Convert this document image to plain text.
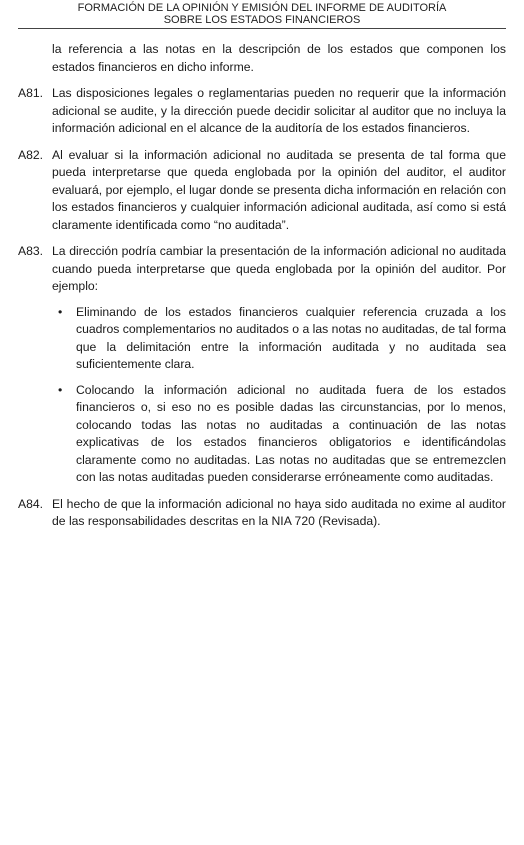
FORMACIÓN DE LA OPINIÓN Y EMISIÓN DEL INFORME DE AUDITORÍA
SOBRE LOS ESTADOS FINANCIEROS
la referencia a las notas en la descripción de los estados que componen los estados financieros en dicho informe.
A81. Las disposiciones legales o reglamentarias pueden no requerir que la información adicional se audite, y la dirección puede decidir solicitar al auditor que no incluya la información adicional en el alcance de la auditoría de los estados financieros.
A82. Al evaluar si la información adicional no auditada se presenta de tal forma que pueda interpretarse que queda englobada por la opinión del auditor, el auditor evaluará, por ejemplo, el lugar donde se presenta dicha información en relación con los estados financieros y cualquier información adicional auditada, así como si está claramente identificada como “no auditada”.
A83. La dirección podría cambiar la presentación de la información adicional no auditada cuando pueda interpretarse que queda englobada por la opinión del auditor. Por ejemplo:
• Eliminando de los estados financieros cualquier referencia cruzada a los cuadros complementarios no auditados o a las notas no auditadas, de tal forma que la delimitación entre la información auditada y no auditada sea suficientemente clara.
• Colocando la información adicional no auditada fuera de los estados financieros o, si eso no es posible dadas las circunstancias, por lo menos, colocando todas las notas no auditadas a continuación de las notas explicativas de los estados financieros obligatorios e identificándolas claramente como no auditadas. Las notas no auditadas que se entremezclen con las notas auditadas pueden considerarse erróneamente como auditadas.
A84. El hecho de que la información adicional no haya sido auditada no exime al auditor de las responsabilidades descritas en la NIA 720 (Revisada).
